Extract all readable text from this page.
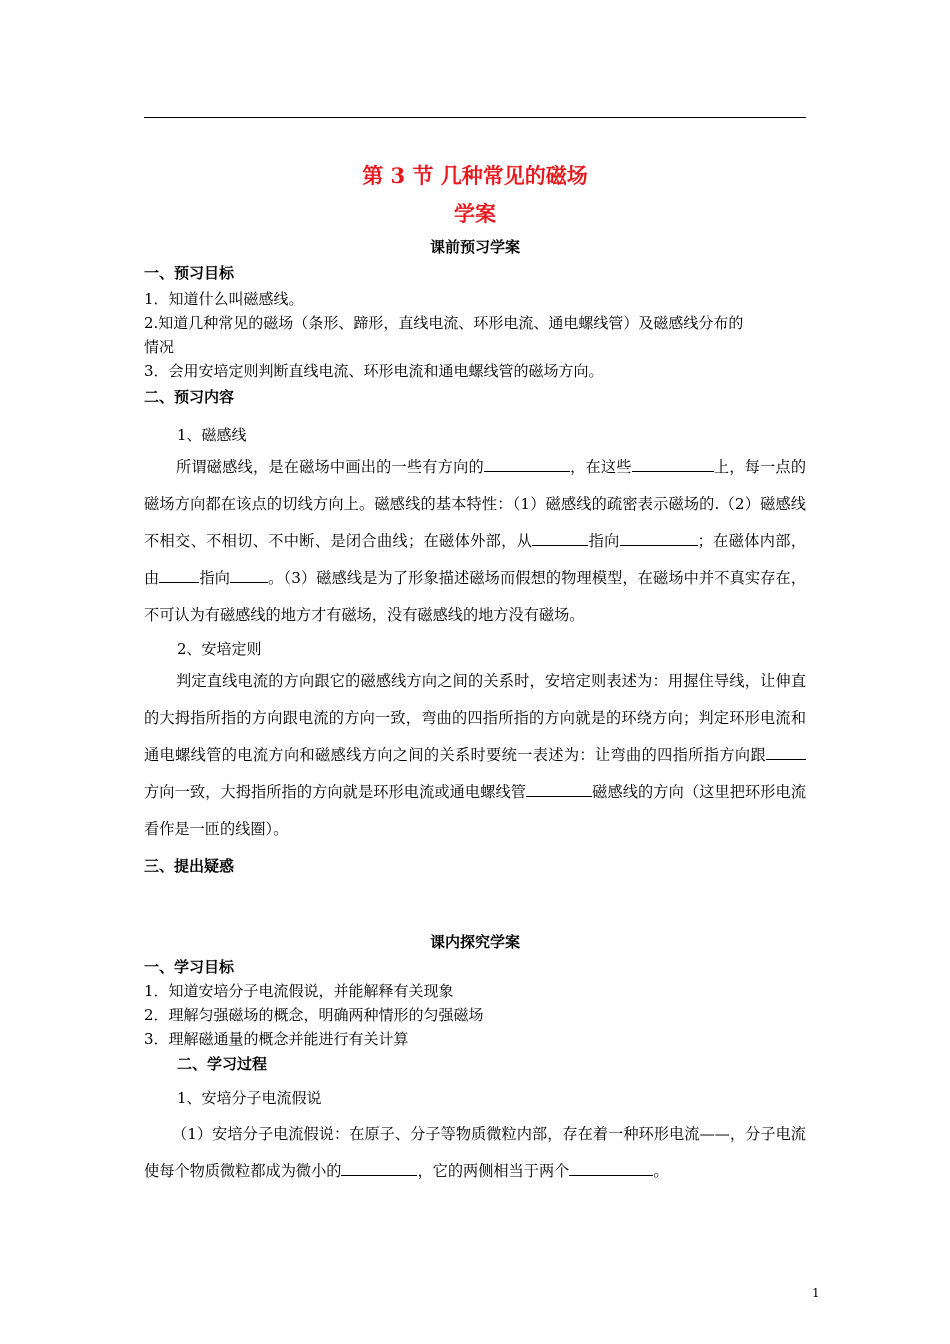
第 3 节 几种常见的磁场
学案
课前预习学案
一、预习目标
1．知道什么叫磁感线。
2.知道几种常见的磁场（条形、蹄形，直线电流、环形电流、通电螺线管）及磁感线分布的
情况
3．会用安培定则判断直线电流、环形电流和通电螺线管的磁场方向。
二、预习内容
1、磁感线

所谓磁感线，是在磁场中画出的一些有方向的	，在这些	上，每一点的磁场方向都在该点的切线方向上。磁感线的基本特性：（1）磁感线的疏密表示磁场的.（2）磁感线不相交、不相切、不中断、是闭合曲线；在磁体外部，从	指向	；在磁体内部，由	指向	。（3）磁感线是为了形象描述磁场而假想的物理模型，在磁场中并不真实存在，不可认为有磁感线的地方才有磁场，没有磁感线的地方没有磁场。

2、安培定则

判定直线电流的方向跟它的磁感线方向之间的关系时，安培定则表述为：用握住导线，让伸直的大拇指所指的方向跟电流的方向一致，弯曲的四指所指的方向就是的环绕方向；判定环形电流和通电螺线管的电流方向和磁感线方向之间的关系时要统一表述为：让弯曲的四指所指方向跟方向一致，大拇指所指的方向就是环形电流或通电螺线管	磁感线的方向（这里把环形电流看作是一匝的线圈）。

三、提出疑惑
课内探究学案
一、学习目标
1．知道安培分子电流假说，并能解释有关现象
2．理解匀强磁场的概念，明确两种情形的匀强磁场
3．理解磁通量的概念并能进行有关计算
二、学习过程
1、安培分子电流假说

（1）安培分子电流假说：在原子、分子等物质微粒内部，存在着一种环形电流——，分子电流使每个物质微粒都成为微小的	，它的两侧相当于两个	。

1
